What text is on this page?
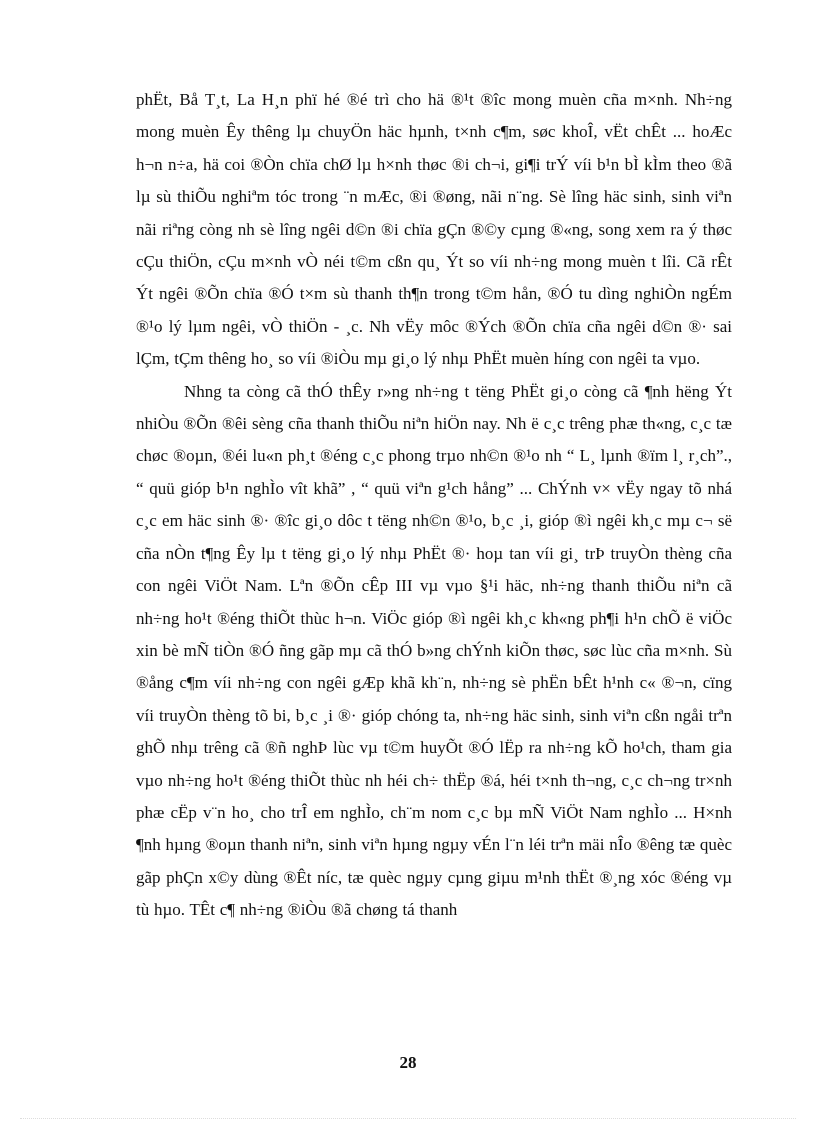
phËt, Bå T¸t, La H¸n phï hé ®é trì cho hä ®¹t ®îc mong muèn cña m×nh. Nh÷ng mong muèn Êy thêng lµ chuyÖn häc hµnh, t×nh c¶m, søc khoÎ, vËt chÊt ... hoÆc h¬n n÷a, hä coi ®Òn chïa chØ lµ h×nh thøc ®i ch¬i, gi¶i trÝ víi b¹n bÌ kÌm theo ®ã lµ sù thiÕu nghiªm tóc trong ¨n mÆc, ®i ®øng, nãi n¨ng. Sè lîng häc sinh, sinh viªn nãi riªng còng nh sè lîng ngêi d©n ®i chïa gÇn ®©y cµng ®«ng, song xem ra ý thøc cÇu thiÖn, cÇu m×nh vÒ néi t©m cßn qu¸ Ýt so víi nh÷ng mong muèn t lîi. Cã rÊt Ýt ngêi ®Õn chïa ®Ó t×m sù thanh th¶n trong t©m hån, ®Ó tu dìng nghiÒn ngÉm ®¹o lý lµm ngêi, vÒ thiÖn - ¸c. Nh vËy môc ®Ých ®Õn chïa cña ngêi d©n ®· sai lÇm, tÇm thêng ho¸ so víi ®iÒu mµ gi¸o lý nhµ PhËt muèn híng con ngêi ta vµo.

Nhng ta còng cã thÓ thÊy r»ng nh÷ng t tëng PhËt gi¸o còng cã ¶nh hëng Ýt nhiÒu ®Õn ®êi sèng cña thanh thiÕu niªn hiÖn nay. Nh ë c¸c trêng phæ th«ng, c¸c tæ chøc ®oµn, ®éi lu«n ph¸t ®éng c¸c phong trµo nh©n ®¹o nh “ L¸ lµnh ®ïm l¸ r¸ch”., “ quü gióp b¹n nghÌo vît khã” , “ quü viªn g¹ch hång” ... ChÝnh v× vËy ngay tõ nhá c¸c em häc sinh ®· ®îc gi¸o dôc t tëng nh©n ®¹o, b¸c ¸i, gióp ®ì ngêi kh¸c mµ c¬ së cña nÒn t¶ng Êy lµ t tëng gi¸o lý nhµ PhËt ®· hoµ tan víi gi¸ trÞ truyÒn thèng cña con ngêi ViÖt Nam. Lªn ®Õn cÊp III vµ vµo §¹i häc, nh÷ng thanh thiÕu niªn cã nh÷ng ho¹t ®éng thiÕt thùc h¬n. ViÖc gióp ®ì ngêi kh¸c kh«ng ph¶i h¹n chÕ ë viÖc xin bè mÑ tiÒn ®Ó ñng gãp mµ cã thÓ b»ng chÝnh kiÕn thøc, søc lùc cña m×nh. Sù ®ång c¶m víi nh÷ng con ngêi gÆp khã kh¨n, nh÷ng sè phËn bÊt h¹nh c« ®¬n, cïng víi truyÒn thèng tõ bi, b¸c ¸i ®· gióp chóng ta, nh÷ng häc sinh, sinh viªn cßn ngåi trªn ghÕ nhµ trêng cã ®ñ nghÞ lùc vµ t©m huyÕt ®Ó lËp ra nh÷ng kÕ ho¹ch, tham gia vµo nh÷ng ho¹t ®éng thiÕt thùc nh héi ch÷ thËp ®á, héi t×nh th¬ng, c¸c ch¬ng tr×nh phæ cËp v¨n ho¸ cho trÎ em nghÌo, ch¨m nom c¸c bµ mÑ ViÖt Nam nghÌo ... H×nh ¶nh hµng ®oµn thanh niªn, sinh viªn hµng ngµy vÉn l¨n léi trªn mäi nÎo ®êng tæ quèc gãp phÇn x©y dùng ®Êt níc, tæ quèc ngµy cµng giµu m¹nh thËt ®¸ng xóc ®éng vµ tù hµo. TÊt c¶ nh÷ng ®iÒu ®ã chøng tá thanh

28
